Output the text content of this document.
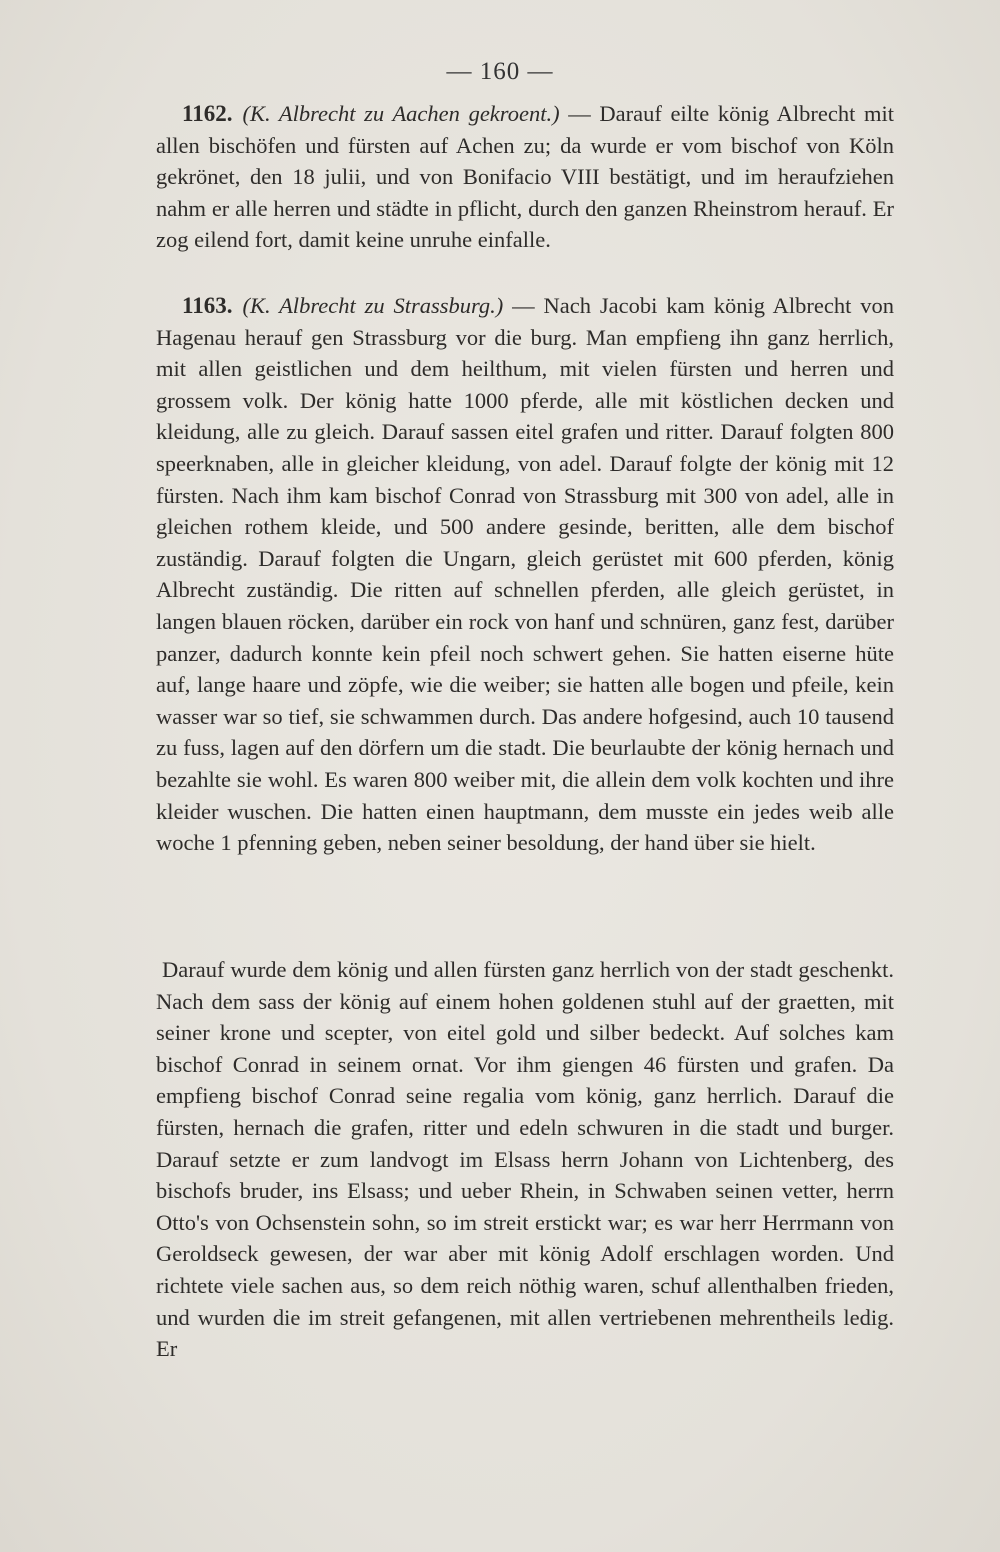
— 160 —

1162. (K. Albrecht zu Aachen gekroent.) — Darauf eilte könig Albrecht mit allen bischöfen und fürsten auf Achen zu; da wurde er vom bischof von Köln gekrönet, den 18 julii, und von Bonifacio VIII bestätigt, und im heraufziehen nahm er alle herren und städte in pflicht, durch den ganzen Rheinstrom herauf. Er zog eilend fort, damit keine unruhe einfalle.

1163. (K. Albrecht zu Strassburg.) — Nach Jacobi kam könig Albrecht von Hagenau herauf gen Strassburg vor die burg. Man empfieng ihn ganz herrlich, mit allen geistlichen und dem heilthum, mit vielen fürsten und herren und grossem volk. Der könig hatte 1000 pferde, alle mit köstlichen decken und kleidung, alle zu gleich. Darauf sassen eitel grafen und ritter. Darauf folgten 800 speerknaben, alle in gleicher kleidung, von adel. Darauf folgte der könig mit 12 fürsten. Nach ihm kam bischof Conrad von Strassburg mit 300 von adel, alle in gleichen rothem kleide, und 500 andere gesinde, beritten, alle dem bischof zuständig. Darauf folgten die Ungarn, gleich gerüstet mit 600 pferden, könig Albrecht zuständig. Die ritten auf schnellen pferden, alle gleich gerüstet, in langen blauen röcken, darüber ein rock von hanf und schnüren, ganz fest, darüber panzer, dadurch konnte kein pfeil noch schwert gehen. Sie hatten eiserne hüte auf, lange haare und zöpfe, wie die weiber; sie hatten alle bogen und pfeile, kein wasser war so tief, sie schwammen durch. Das andere hofgesind, auch 10 tausend zu fuss, lagen auf den dörfern um die stadt. Die beurlaubte der könig hernach und bezahlte sie wohl. Es waren 800 weiber mit, die allein dem volk kochten und ihre kleider wuschen. Die hatten einen hauptmann, dem musste ein jedes weib alle woche 1 pfenning geben, neben seiner besoldung, der hand über sie hielt.

Darauf wurde dem könig und allen fürsten ganz herrlich von der stadt geschenkt. Nach dem sass der könig auf einem hohen goldenen stuhl auf der graetten, mit seiner krone und scepter, von eitel gold und silber bedeckt. Auf solches kam bischof Conrad in seinem ornat. Vor ihm giengen 46 fürsten und grafen. Da empfieng bischof Conrad seine regalia vom könig, ganz herrlich. Darauf die fürsten, hernach die grafen, ritter und edeln schwuren in die stadt und burger. Darauf setzte er zum landvogt im Elsass herrn Johann von Lichtenberg, des bischofs bruder, ins Elsass; und ueber Rhein, in Schwaben seinen vetter, herrn Otto's von Ochsenstein sohn, so im streit erstickt war; es war herr Herrmann von Geroldseck gewesen, der war aber mit könig Adolf erschlagen worden. Und richtete viele sachen aus, so dem reich nöthig waren, schuf allenthalben frieden, und wurden die im streit gefangenen, mit allen vertriebenen mehrentheils ledig. Er
